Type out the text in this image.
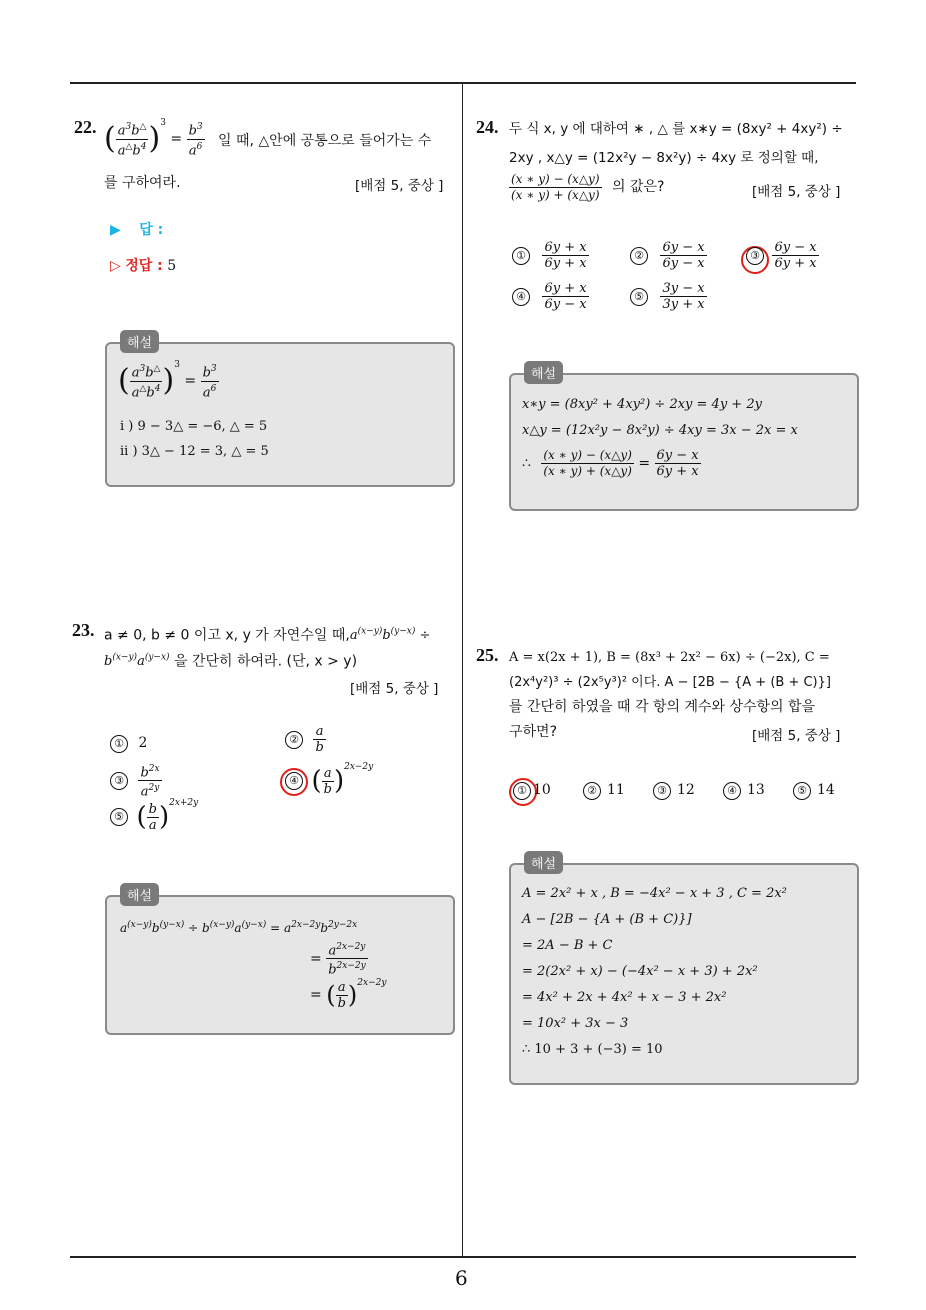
6
22. ( $\frac{a^3b^\triangle}{a^\triangle b^4} )^3 = \frac{b^3}{a^6}$ 일 때, △안에 공통으로 들어가는 수
를 구하여라.	[배점 5, 중상 ]
▶ 답 :
▷ 정답 : 5
해설
( $\frac{a^3b^\triangle}{a^\triangle b^4} )^3 = \frac{b^3}{a^6}$
i ) 9 − 3△ = −6, △ = 5
ii ) 3△ − 12 = 3, △ = 5
23. a ≠ 0, b ≠ 0 이고 x, y 가 자연수일 때$,a^{(x-y)}b^{(y-x)}$ ÷
$b^{(x-y)}a^{(y-x)}$ 을 간단히 하여라. (단, x > y)
[배점 5, 중상 ]
① 2	② $\frac{a}{b}$
③ $\frac{b^{2x}}{a^{2y}}$	④ ( $\frac{a}{b} )^{2x-2y}$
⑤ ( $\frac{b}{a} )^{2x+2y}$
해설
$a^{(x-y)}b^{(y-x)} \div b^{(x-y)}a^{(y-x)} = a^{2x-2y}b^{2y-2x}$
= $\frac{a^{2x-2y}}{b^{2x-2y}}$
= ( $\frac{a}{b} )^{2x-2y}$
24. 두 식 x, y 에 대하여 ∗ , △ 를 x∗y = (8xy² + 4xy²) ÷
2xy , x△y = (12x²y − 8x²y) ÷ 4xy 로 정의할 때,
$\frac{(x ∗ y) - (x\triangle y)}{(x ∗ y) + (x\triangle y)}$ 의 값은?	[배점 5, 중상 ]
① $\frac{6y + x}{6y + x}$	② $\frac{6y - x}{6y - x}$	③ $\frac{6y - x}{6y + x}$
④ $\frac{6y + x}{6y - x}$	⑤ $\frac{3y - x}{3y + x}$
해설
x∗y = (8xy² + 4xy²) ÷ 2xy = 4y + 2y
x△y = (12x²y − 8x²y) ÷ 4xy = 3x − 2x = x
∴ $\frac{(x ∗ y) - (x\triangle y)}{(x ∗ y) + (x\triangle y)} = \frac{6y - x}{6y + x}$
25. A = x(2x + 1), B = (8x³ + 2x² − 6x) ÷ (−2x), C =
(2x⁴y²)³ ÷ (2x⁵y³)² 이다. A − [2B − {A + (B + C)}]
를 간단히 하였을 때 각 항의 계수와 상수항의 합을
구하면?	[배점 5, 중상 ]
① 10	② 11	③ 12	④ 13	⑤ 14
해설
A = 2x² + x , B = −4x² − x + 3 , C = 2x²
A − [2B − {A + (B + C)}]
= 2A − B + C
= 2(2x² + x) − (−4x² − x + 3) + 2x²
= 4x² + 2x + 4x² + x − 3 + 2x²
= 10x² + 3x − 3
∴ 10 + 3 + (−3) = 10
